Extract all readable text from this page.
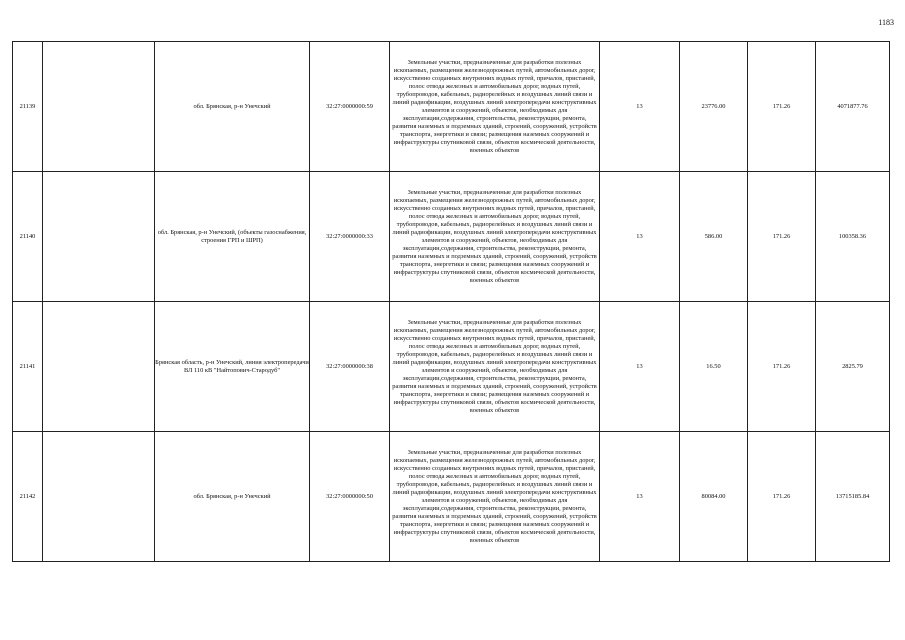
1183
21139		обл. Брянская, р-н Унечский	32:27:0000000:59	Земельные участки, предназначенные для разработки полезных ископаемых, размещения железнодорожных путей, автомобильных дорог, искусственно созданных внутренних водных путей, причалов, пристаней, полос отвода железных и автомобильных дорог, водных путей, трубопроводов, кабельных, радиорелейных и воздушных линий связи и линий радиофикации, воздушных линий электропередачи конструктивных элементов и сооружений, объектов, необходимых для эксплуатации,содержания, строительства, реконструкции, ремонта, развития наземных и подземных зданий, строений, сооружений, устройств транспорта, энергетики и связи; размещения наземных сооружений и инфраструктуры спутниковой связи, объектов космической деятельности, военных объектов	13	23776.00	171.26	4071877.76
21140		обл. Брянская, р-н Унечский, (объекты газоснабжения, строения ГРП и ШРП)	32:27:0000000:33	Земельные участки, предназначенные для разработки полезных ископаемых, размещения железнодорожных путей, автомобильных дорог, искусственно созданных внутренних водных путей, причалов, пристаней, полос отвода железных и автомобильных дорог, водных путей, трубопроводов, кабельных, радиорелейных и воздушных линий связи и линий радиофикации, воздушных линий электропередачи конструктивных элементов и сооружений, объектов, необходимых для эксплуатации,содержания, строительства, реконструкции, ремонта, развития наземных и подземных зданий, строений, сооружений, устройств транспорта, энергетики и связи; размещения наземных сооружений и инфраструктуры спутниковой связи, объектов космической деятельности, военных объектов	13	586.00	171.26	100358.36
21141		Брянская область, р-н Унечский, линия электропередачи ВЛ 110 кВ "Найтопович-Стародуб"	32:27:0000000:38	Земельные участки, предназначенные для разработки полезных ископаемых, размещения железнодорожных путей, автомобильных дорог, искусственно созданных внутренних водных путей, причалов, пристаней, полос отвода железных и автомобильных дорог, водных путей, трубопроводов, кабельных, радиорелейных и воздушных линий связи и линий радиофикации, воздушных линий электропередачи конструктивных элементов и сооружений, объектов, необходимых для эксплуатации,содержания, строительства, реконструкции, ремонта, развития наземных и подземных зданий, строений, сооружений, устройств транспорта, энергетики и связи; размещения наземных сооружений и инфраструктуры спутниковой связи, объектов космической деятельности, военных объектов	13	16.50	171.26	2825.79
21142		обл. Брянская, р-н Унечский	32:27:0000000:50	Земельные участки, предназначенные для разработки полезных ископаемых, размещения железнодорожных путей, автомобильных дорог, искусственно созданных внутренних водных путей, причалов, пристаней, полос отвода железных и автомобильных дорог, водных путей, трубопроводов, кабельных, радиорелейных и воздушных линий связи и линий радиофикации, воздушных линий электропередачи конструктивных элементов и сооружений, объектов, необходимых для эксплуатации,содержания, строительства, реконструкции, ремонта, развития наземных и подземных зданий, строений, сооружений, устройств транспорта, энергетики и связи; размещения наземных сооружений и инфраструктуры спутниковой связи, объектов космической деятельности, военных объектов	13	80084.00	171.26	13715185.84
